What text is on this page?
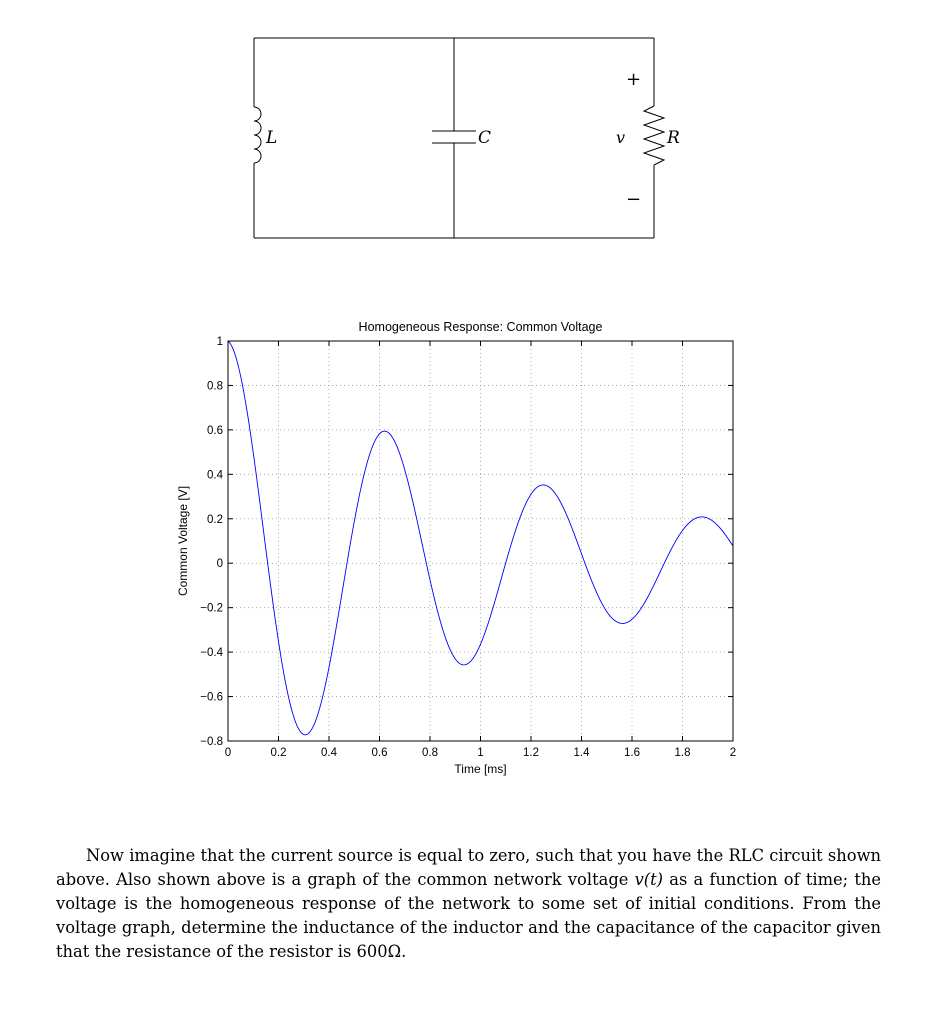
L	C	R
v
+
−
0	0.2	0.4	0.6	0.8	1	1.2	1.4	1.6	1.8	2
−0.8
−0.6
−0.4
−0.2
0
0.2
0.4
0.6
0.8
1
Homogeneous Response: Common Voltage
Time [ms]
Common Voltage [V]

Now imagine that the current source is equal to zero, such that you have the RLC circuit shown above. Also shown above is a graph of the common network voltage v(t) as a function of time; the voltage is the homogeneous response of the network to some set of initial conditions. From the voltage graph, determine the inductance of the inductor and the capacitance of the capacitor given that the resistance of the resistor is 600Ω.
